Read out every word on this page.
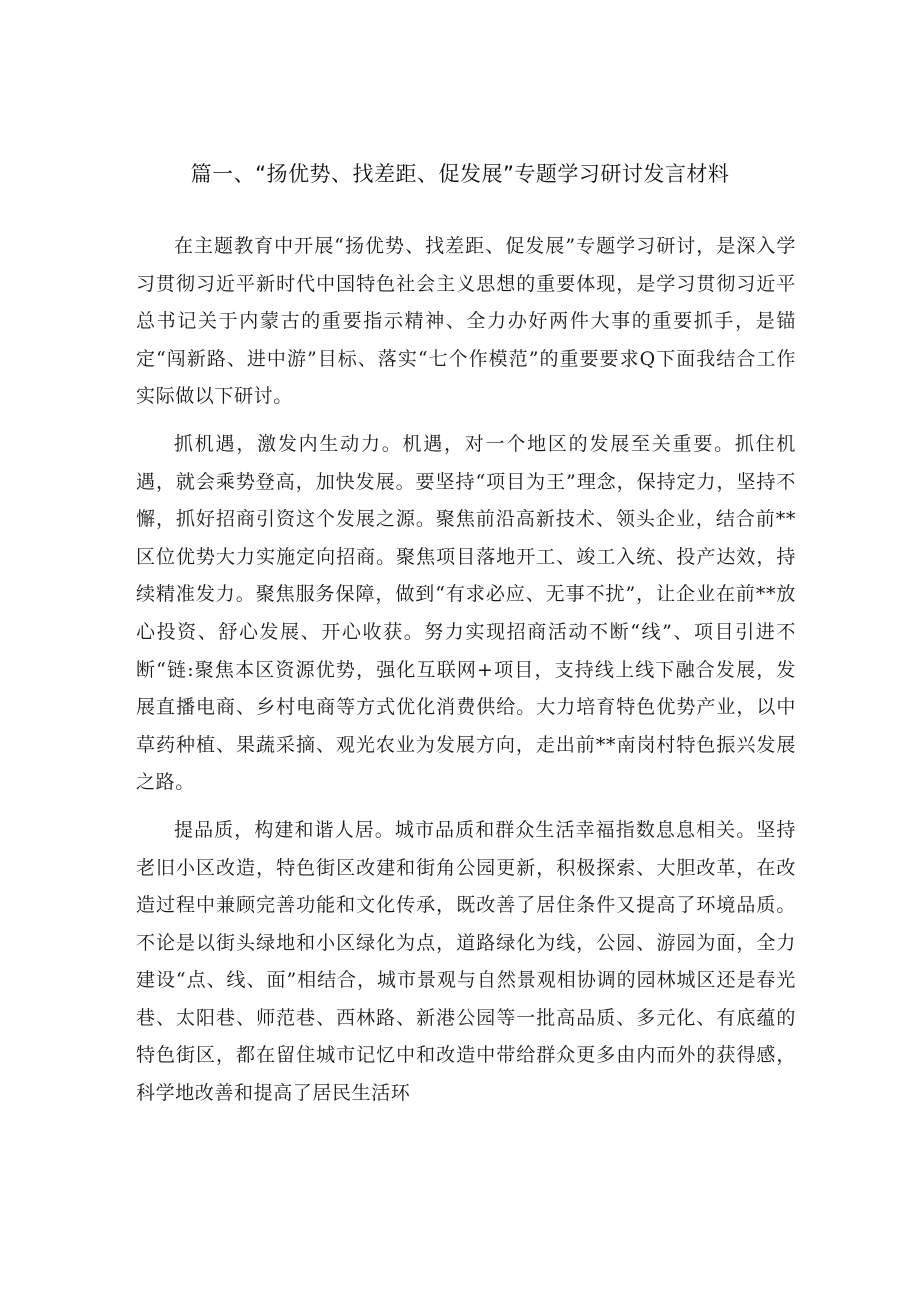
篇一、“扬优势、找差距、促发展”专题学习研讨发言材料

在主题教育中开展“扬优势、找差距、促发展”专题学习研讨，是深入学习贯彻习近平新时代中国特色社会主义思想的重要体现，是学习贯彻习近平总书记关于内蒙古的重要指示精神、全力办好两件大事的重要抓手，是锚定“闯新路、进中游”目标、落实“七个作模范”的重要要求Q下面我结合工作实际做以下研讨。

抓机遇，激发内生动力。机遇，对一个地区的发展至关重要。抓住机遇，就会乘势登高，加快发展。要坚持“项目为王”理念，保持定力，坚持不懈，抓好招商引资这个发展之源。聚焦前沿高新技术、领头企业，结合前**区位优势大力实施定向招商。聚焦项目落地开工、竣工入统、投产达效，持续精准发力。聚焦服务保障，做到“有求必应、无事不扰”，让企业在前**放心投资、舒心发展、开心收获。努力实现招商活动不断“线”、项目引进不断“链:聚焦本区资源优势，强化互联网+项目，支持线上线下融合发展，发展直播电商、乡村电商等方式优化消费供给。大力培育特色优势产业，以中草药种植、果蔬采摘、观光农业为发展方向，走出前**南岗村特色振兴发展之路。

提品质，构建和谐人居。城市品质和群众生活幸福指数息息相关。坚持老旧小区改造，特色街区改建和街角公园更新，积极探索、大胆改革，在改造过程中兼顾完善功能和文化传承，既改善了居住条件又提高了环境品质。不论是以街头绿地和小区绿化为点，道路绿化为线，公园、游园为面，全力建设“点、线、面”相结合，城市景观与自然景观相协调的园林城区还是春光巷、太阳巷、师范巷、西林路、新港公园等一批高品质、多元化、有底蕴的特色街区，都在留住城市记忆中和改造中带给群众更多由内而外的获得感，科学地改善和提高了居民生活环
